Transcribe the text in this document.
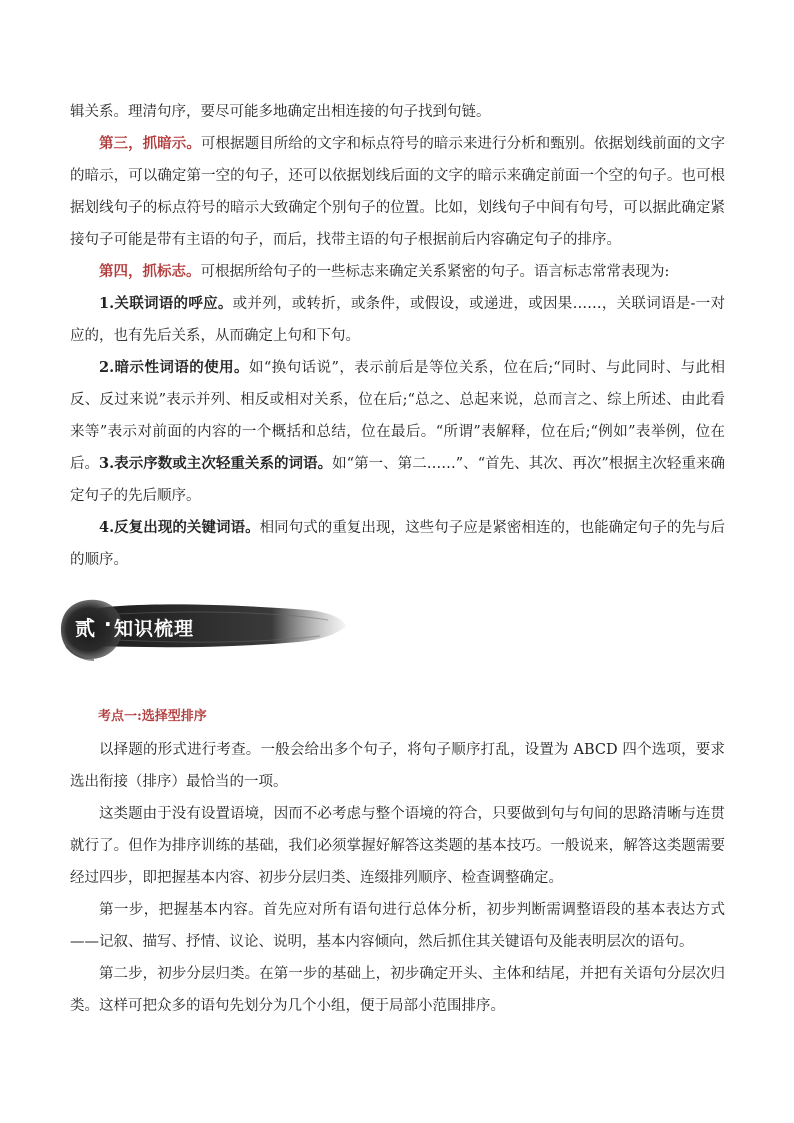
辑关系。理清句序，要尽可能多地确定出相连接的句子找到句链。

第三，抓暗示。可根据题目所给的文字和标点符号的暗示来进行分析和甄别。依据划线前面的文字的暗示，可以确定第一空的句子，还可以依据划线后面的文字的暗示来确定前面一个空的句子。也可根据划线句子的标点符号的暗示大致确定个别句子的位置。比如，划线句子中间有句号，可以据此确定紧接句子可能是带有主语的句子，而后，找带主语的句子根据前后内容确定句子的排序。

第四，抓标志。可根据所给句子的一些标志来确定关系紧密的句子。语言标志常常表现为:

1.关联词语的呼应。或并列，或转折，或条件，或假设，或递进，或因果……，关联词语是-一对应的，也有先后关系，从而确定上句和下句。

2.暗示性词语的使用。如“换句话说”，表示前后是等位关系，位在后;“同时、与此同时、与此相反、反过来说”表示并列、相反或相对关系，位在后;“总之、总起来说，总而言之、综上所述、由此看来等”表示对前面的内容的一个概括和总结，位在最后。“所谓”表解释，位在后;“例如”表举例，位在后。 3.表示序数或主次轻重关系的词语。如“第一、第二……”、“首先、其次、再次”根据主次轻重来确定句子的先后顺序。

4.反复出现的关键词语。相同句式的重复出现，这些句子应是紧密相连的，也能确定句子的先与后的顺序。

贰 · 知识梳理
考点一:选择型排序

以择题的形式进行考查。一般会给出多个句子，将句子顺序打乱，设置为 ABCD 四个选项，要求选出衔接（排序）最恰当的一项。

这类题由于没有设置语境，因而不必考虑与整个语境的符合，只要做到句与句间的思路清晰与连贯就行了。但作为排序训练的基础，我们必须掌握好解答这类题的基本技巧。一般说来，解答这类题需要经过四步，即把握基本内容、初步分层归类、连缀排列顺序、检查调整确定。

第一步，把握基本内容。首先应对所有语句进行总体分析，初步判断需调整语段的基本表达方式——记叙、描写、抒情、议论、说明，基本内容倾向，然后抓住其关键语句及能表明层次的语句。

第二步，初步分层归类。在第一步的基础上，初步确定开头、主体和结尾，并把有关语句分层次归类。这样可把众多的语句先划分为几个小组，便于局部小范围排序。
